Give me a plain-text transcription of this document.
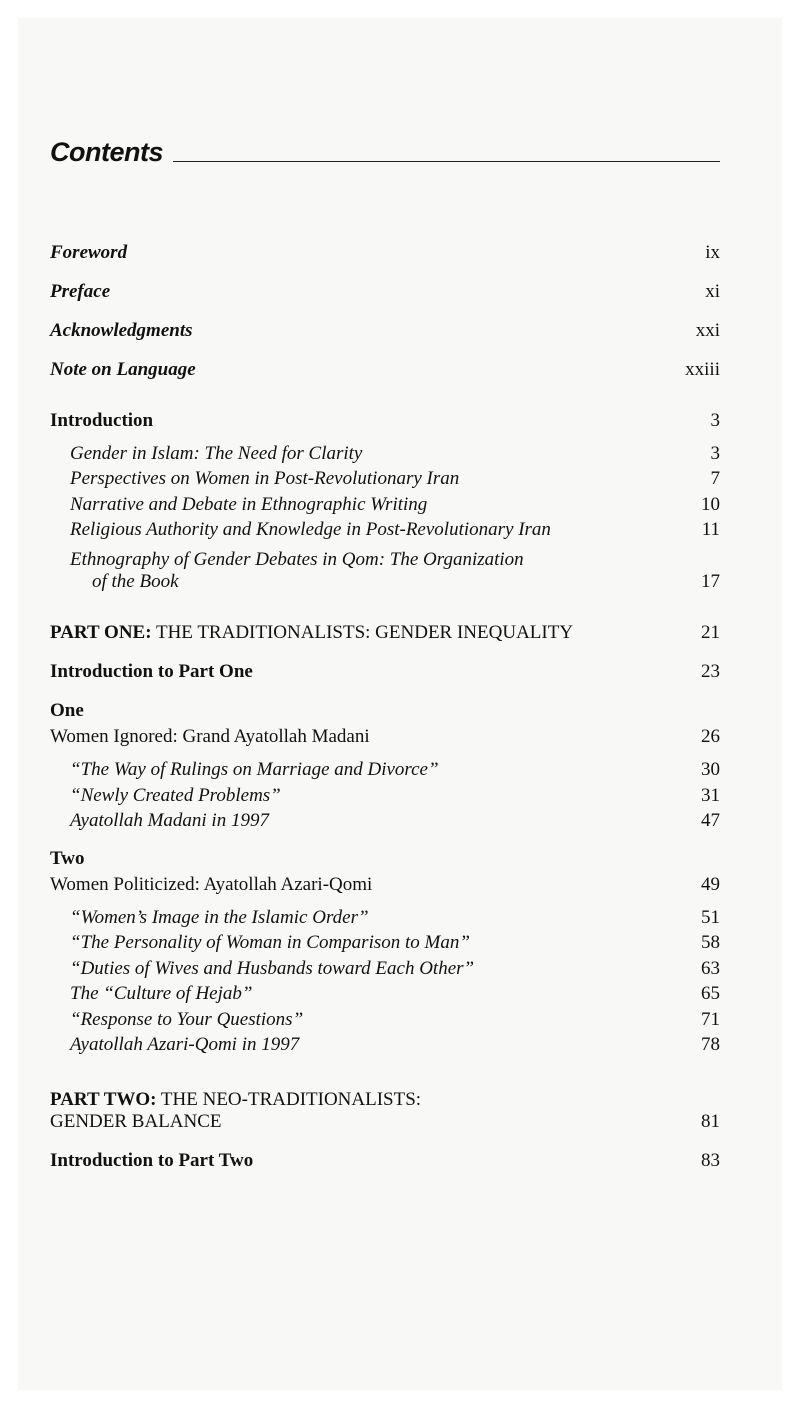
Contents
Foreword	ix
Preface	xi
Acknowledgments	xxi
Note on Language	xxiii
Introduction	3
Gender in Islam: The Need for Clarity	3
Perspectives on Women in Post-Revolutionary Iran	7
Narrative and Debate in Ethnographic Writing	10
Religious Authority and Knowledge in Post-Revolutionary Iran	11
Ethnography of Gender Debates in Qom: The Organization
of the Book	17
PART ONE: THE TRADITIONALISTS: GENDER INEQUALITY	21
Introduction to Part One	23
One
Women Ignored: Grand Ayatollah Madani	26
“The Way of Rulings on Marriage and Divorce”	30
“Newly Created Problems”	31
Ayatollah Madani in 1997	47
Two
Women Politicized: Ayatollah Azari-Qomi	49
“Women’s Image in the Islamic Order”	51
“The Personality of Woman in Comparison to Man”	58
“Duties of Wives and Husbands toward Each Other”	63
The “Culture of Hejab”	65
“Response to Your Questions”	71
Ayatollah Azari-Qomi in 1997	78
PART TWO: THE NEO-TRADITIONALISTS:
GENDER BALANCE	81
Introduction to Part Two	83
